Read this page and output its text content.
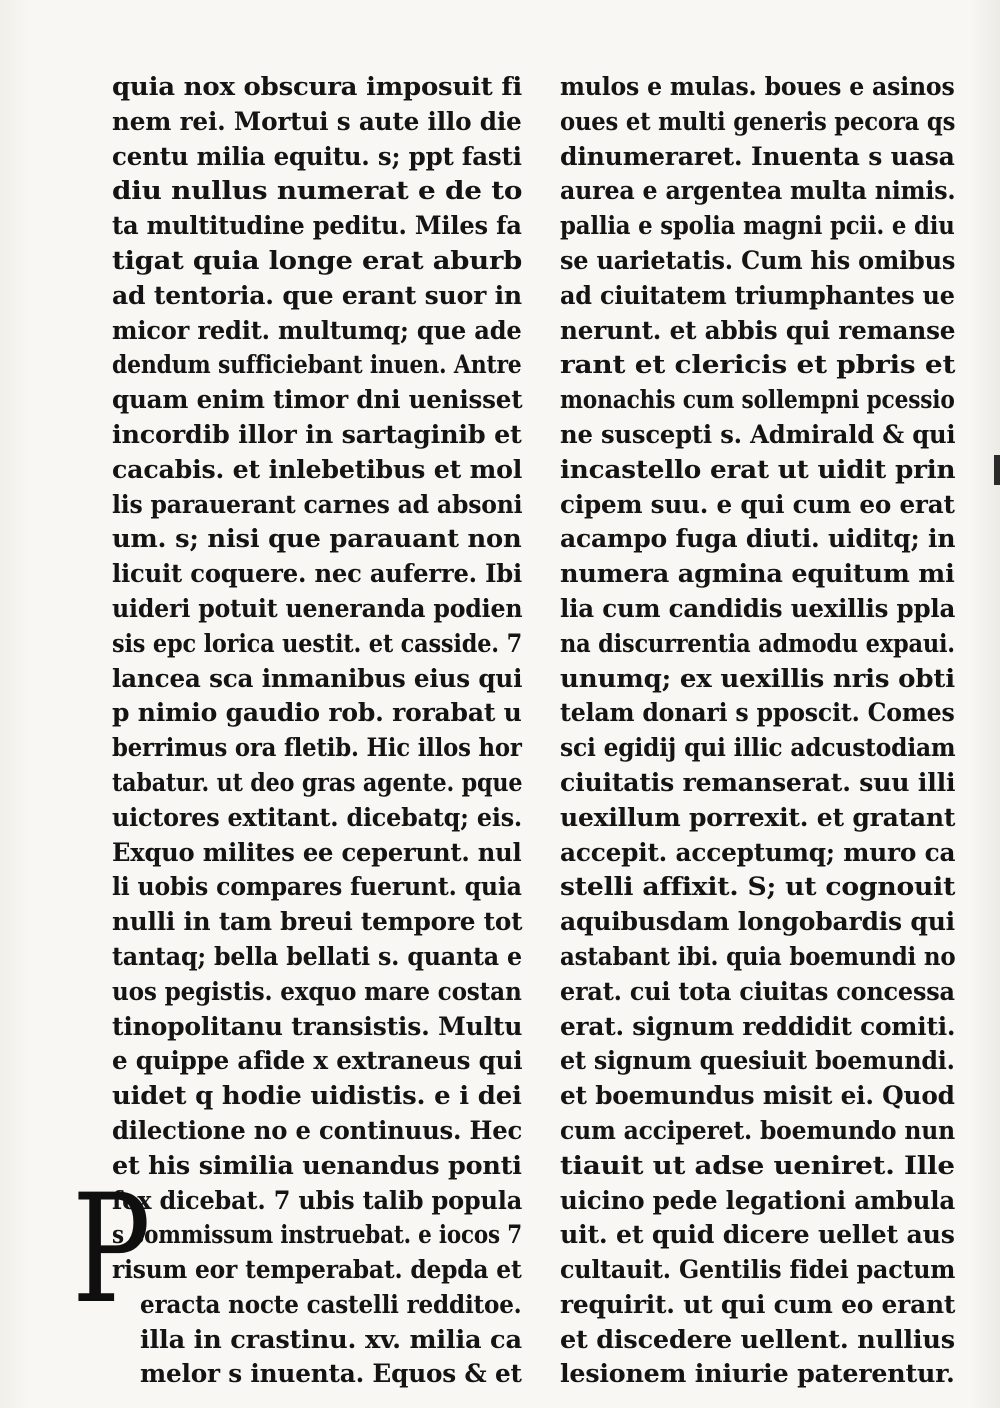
quia nox obscura imposuit fi
nem rei. Mortui s aute illo die
centu milia equitu. s; ppt fasti
diu nullus numerat e de to
ta multitudine peditu. Miles fa
tigat quia longe erat aburb
ad tentoria. que erant suor in
micor redit. multumq; que ade
dendum sufficiebant inuen. Antre
quam enim timor dni uenisset
incordib illor in sartaginib et
cacabis. et inlebetibus et mol
lis parauerant carnes ad absoni
um. s; nisi que parauant non
licuit coquere. nec auferre. Ibi
uideri potuit ueneranda podien
sis epc lorica uestit. et casside. 7
lancea sca inmanibus eius qui
p nimio gaudio rob. rorabat u
berrimus ora fletib. Hic illos hor
tabatur. ut deo gras agente. pque
uictores extitant. dicebatq; eis.
Exquo milites ee ceperunt. nul
li uobis compares fuerunt. quia
nulli in tam breui tempore tot
tantaq; bella bellati s. quanta e
uos pegistis. exquo mare costan
tinopolitanu transistis. Multu
e quippe afide x extraneus qui
uidet q hodie uidistis. e i dei
dilectione no e continuus. Hec
et his similia uenandus ponti
fex dicebat. 7 ubis talib popula
s commissum instruebat. e iocos 7
risum eor temperabat. depda et
eracta nocte castelli redditoe.
illa in crastinu. xv. milia ca
melor s inuenta. Equos & et
P
mulos e mulas. boues e asinos
oues et multi generis pecora qs
dinumeraret. Inuenta s uasa
aurea e argentea multa nimis.
pallia e spolia magni pcii. e diu
se uarietatis. Cum his omibus
ad ciuitatem triumphantes ue
nerunt. et abbis qui remanse
rant et clericis et pbris et
monachis cum sollempni pcessio
ne suscepti s. Admirald & qui
incastello erat ut uidit prin
cipem suu. e qui cum eo erat
acampo fuga diuti. uiditq; in
numera agmina equitum mi
lia cum candidis uexillis ppla
na discurrentia admodu expaui.
unumq; ex uexillis nris obti
telam donari s pposcit. Comes
sci egidij qui illic adcustodiam
ciuitatis remanserat. suu illi
uexillum porrexit. et gratant
accepit. acceptumq; muro ca
stelli affixit. S; ut cognouit
aquibusdam longobardis qui
astabant ibi. quia boemundi no
erat. cui tota ciuitas concessa
erat. signum reddidit comiti.
et signum quesiuit boemundi.
et boemundus misit ei. Quod
cum acciperet. boemundo nun
tiauit ut adse ueniret. Ille
uicino pede legationi ambula
uit. et quid dicere uellet aus
cultauit. Gentilis fidei pactum
requirit. ut qui cum eo erant
et discedere uellent. nullius
lesionem iniurie paterentur.
